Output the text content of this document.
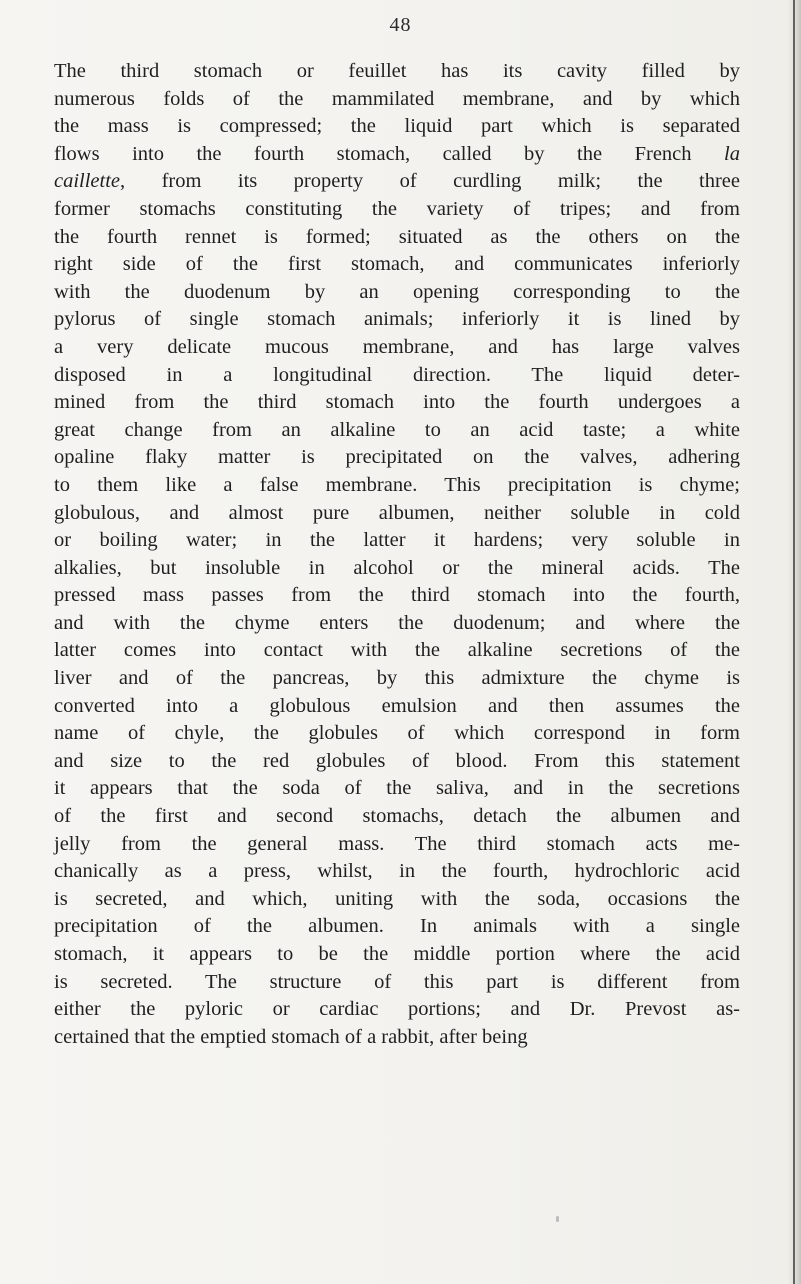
48
The third stomach or feuillet has its cavity filled by
numerous folds of the mammilated membrane, and by which
the mass is compressed; the liquid part which is separated
flows into the fourth stomach, called by the French la
caillette, from its property of curdling milk; the three
former stomachs constituting the variety of tripes; and from
the fourth rennet is formed; situated as the others on the
right side of the first stomach, and communicates inferiorly
with the duodenum by an opening corresponding to the
pylorus of single stomach animals; inferiorly it is lined by
a very delicate mucous membrane, and has large valves
disposed in a longitudinal direction. The liquid deter-
mined from the third stomach into the fourth undergoes a
great change from an alkaline to an acid taste; a white
opaline flaky matter is precipitated on the valves, adhering
to them like a false membrane. This precipitation is chyme;
globulous, and almost pure albumen, neither soluble in cold
or boiling water; in the latter it hardens; very soluble in
alkalies, but insoluble in alcohol or the mineral acids. The
pressed mass passes from the third stomach into the fourth,
and with the chyme enters the duodenum; and where the
latter comes into contact with the alkaline secretions of the
liver and of the pancreas, by this admixture the chyme is
converted into a globulous emulsion and then assumes the
name of chyle, the globules of which correspond in form
and size to the red globules of blood. From this statement
it appears that the soda of the saliva, and in the secretions
of the first and second stomachs, detach the albumen and
jelly from the general mass. The third stomach acts me-
chanically as a press, whilst, in the fourth, hydrochloric acid
is secreted, and which, uniting with the soda, occasions the
precipitation of the albumen. In animals with a single
stomach, it appears to be the middle portion where the acid
is secreted. The structure of this part is different from
either the pyloric or cardiac portions; and Dr. Prevost as-
certained that the emptied stomach of a rabbit, after being
